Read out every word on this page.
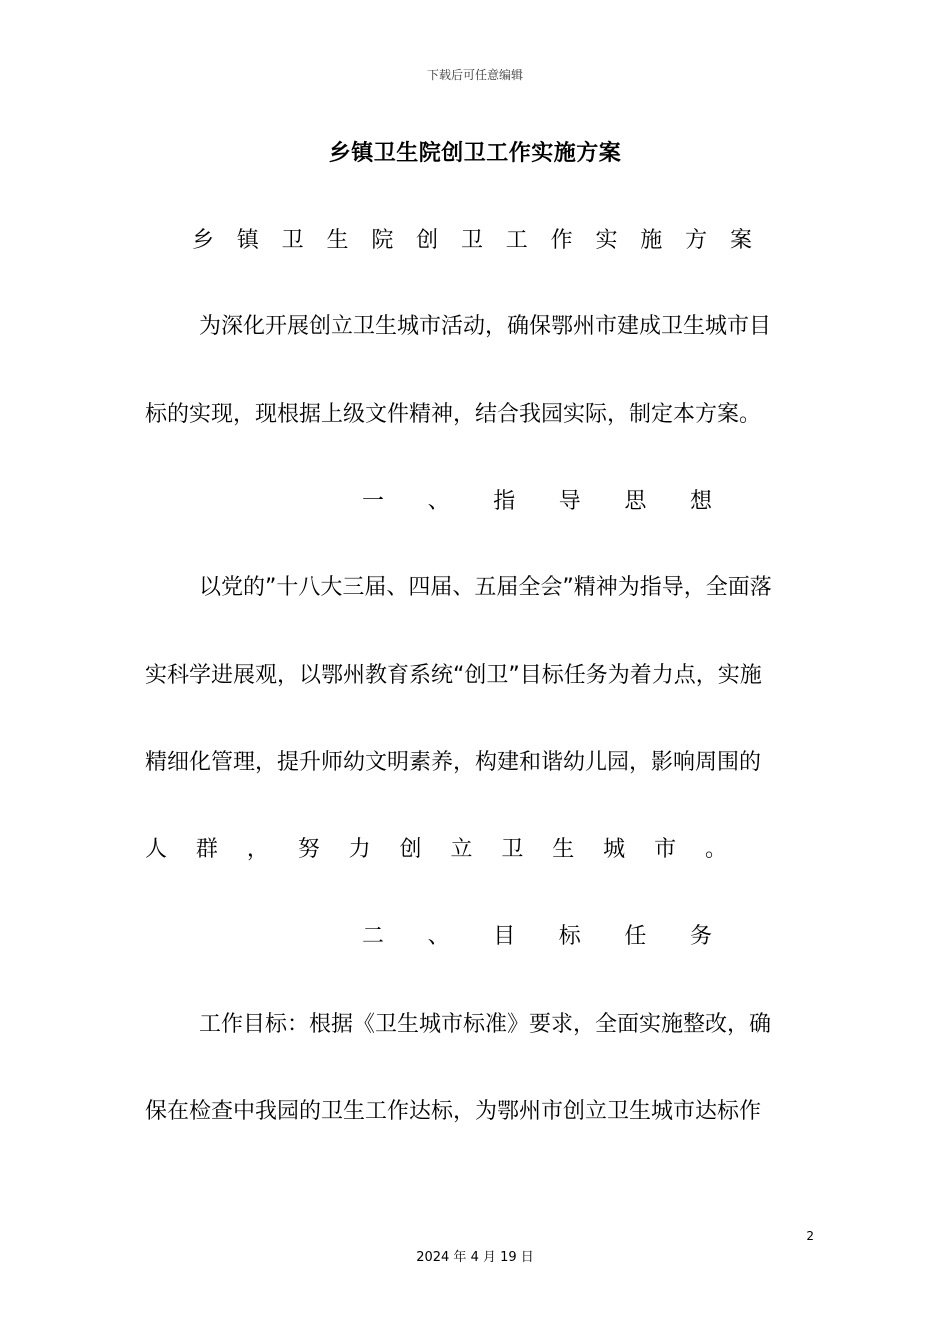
下载后可任意编辑
乡镇卫生院创卫工作实施方案
乡 镇 卫 生 院 创 卫 工 作 实 施 方 案
为深化开展创立卫生城市活动，确保鄂州市建成卫生城市目
标的实现，现根据上级文件精神，结合我园实际，制定本方案。
一 、 指 导 思 想
以党的”十八大三届、四届、五届全会”精神为指导，全面落
实科学进展观，以鄂州教育系统“创卫”目标任务为着力点，实施
精细化管理，提升师幼文明素养，构建和谐幼儿园，影响周围的
人 群 ， 努 力 创 立 卫 生 城 市 。
二 、 目 标 任 务
工作目标：根据《卫生城市标准》要求，全面实施整改，确
保在检查中我园的卫生工作达标，为鄂州市创立卫生城市达标作
2
2024 年 4 月 19 日
